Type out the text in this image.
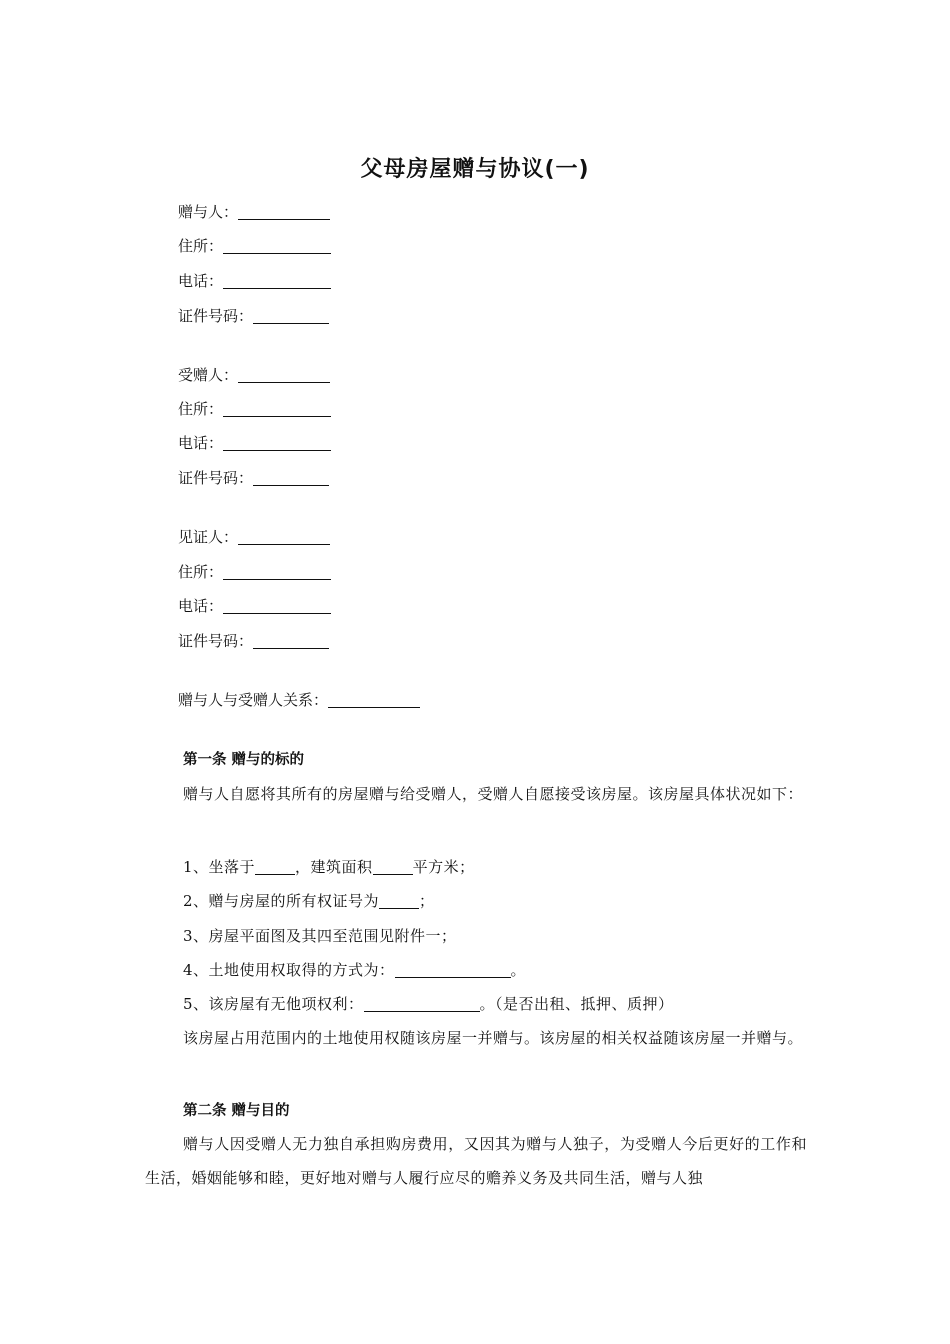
父母房屋赠与协议(一)
赠与人：
住所：
电话：
证件号码：
受赠人：
住所：
电话：
证件号码：
见证人：
住所：
电话：
证件号码：
赠与人与受赠人关系：
第一条 赠与的标的
赠与人自愿将其所有的房屋赠与给受赠人，受赠人自愿接受该房屋。该房屋具体状况如下：
1、坐落于	，建筑面积	平方米；
2、赠与房屋的所有权证号为	；
3、房屋平面图及其四至范围见附件一；
4、土地使用权取得的方式为：	。
5、该房屋有无他项权利：	。（是否出租、抵押、质押）
该房屋占用范围内的土地使用权随该房屋一并赠与。该房屋的相关权益随该房屋一并赠与。
第二条 赠与目的
赠与人因受赠人无力独自承担购房费用，又因其为赠与人独子，为受赠人今后更好的工作和生活，婚姻能够和睦，更好地对赠与人履行应尽的赡养义务及共同生活，赠与人独
